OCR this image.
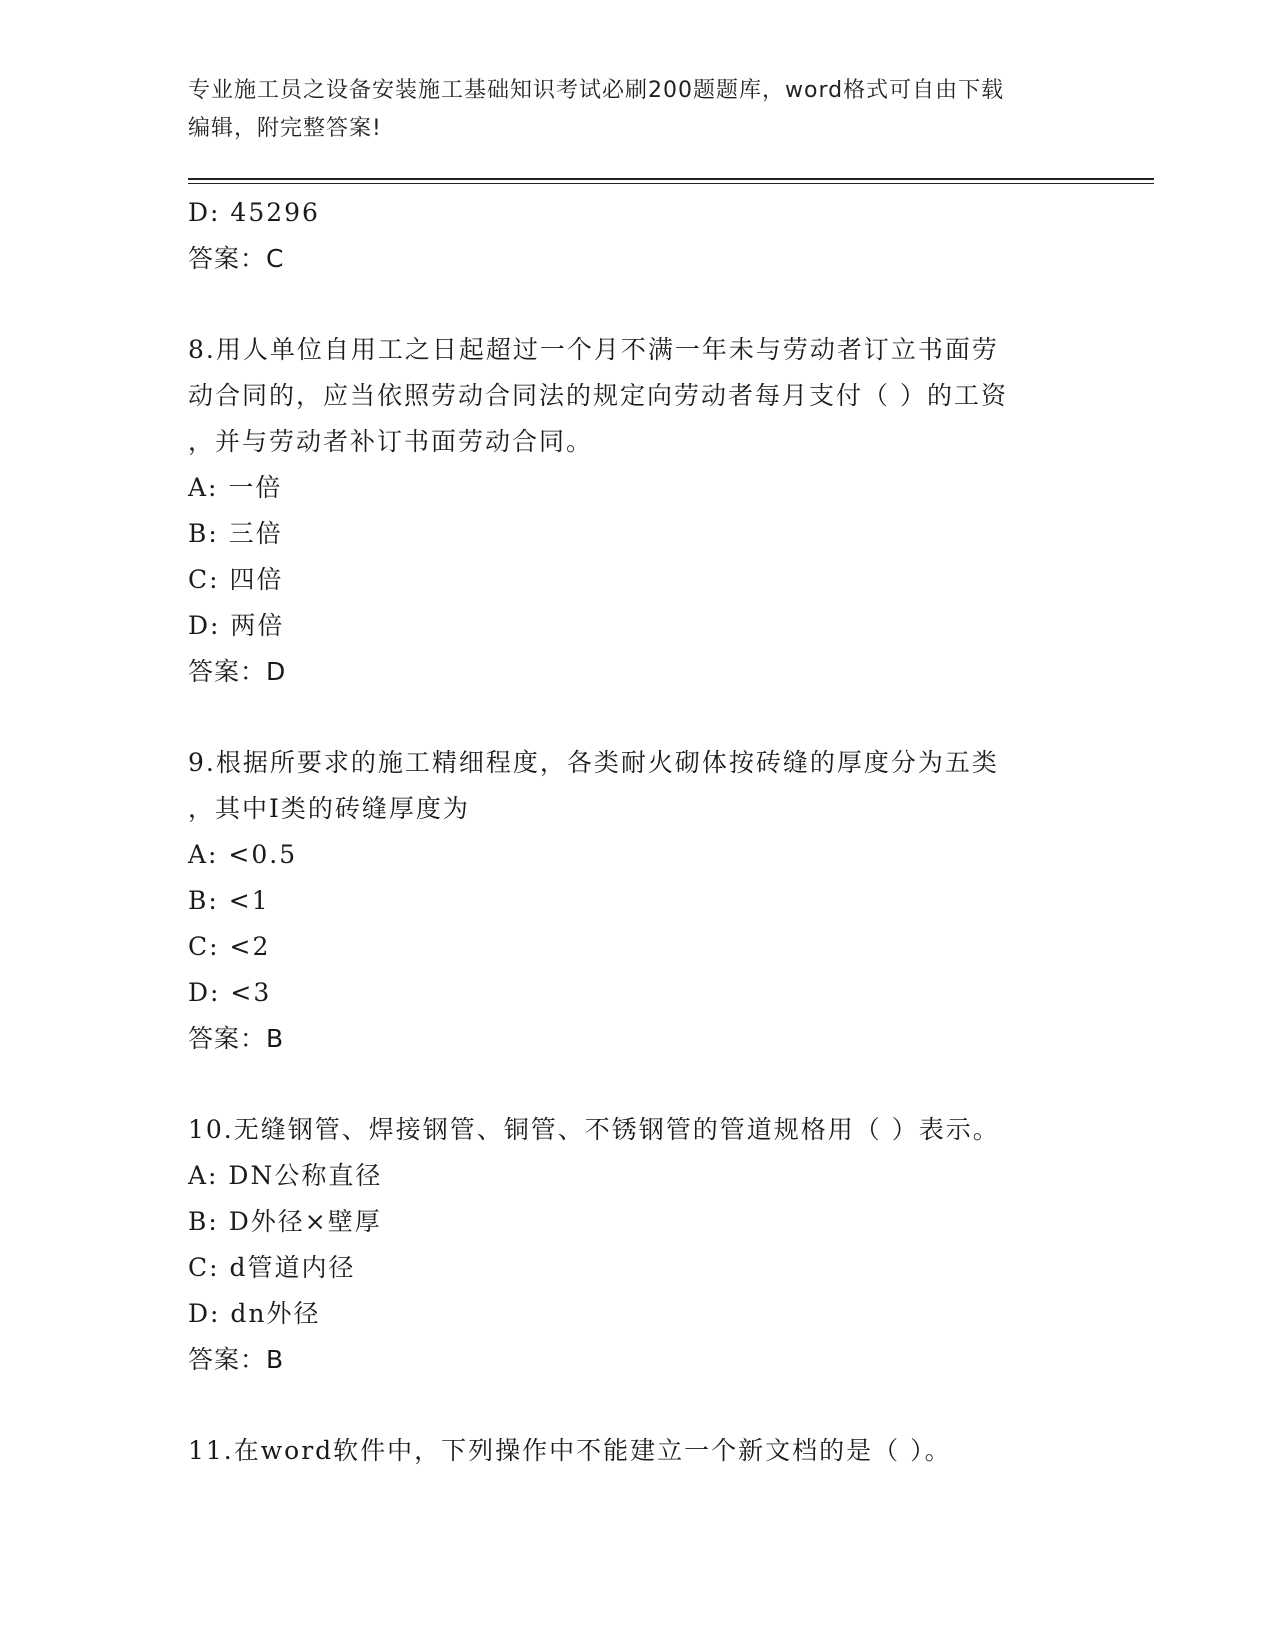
专业施工员之设备安装施工基础知识考试必刷200题题库，word格式可自由下载
编辑，附完整答案!
D: 45296
答案：C
8.用人单位自用工之日起超过一个月不满一年未与劳动者订立书面劳
动合同的，应当依照劳动合同法的规定向劳动者每月支付（ ）的工资
，并与劳动者补订书面劳动合同。
A: 一倍
B: 三倍
C: 四倍
D: 两倍
答案：D
9.根据所要求的施工精细程度，各类耐火砌体按砖缝的厚度分为五类
，其中Ⅰ类的砖缝厚度为
A: <0.5
B: <1
C: <2
D: <3
答案：B
10.无缝钢管、焊接钢管、铜管、不锈钢管的管道规格用（ ）表示。
A: DN公称直径
B: D外径×壁厚
C: d管道内径
D: dn外径
答案：B
11.在word软件中，下列操作中不能建立一个新文档的是（ ）。
